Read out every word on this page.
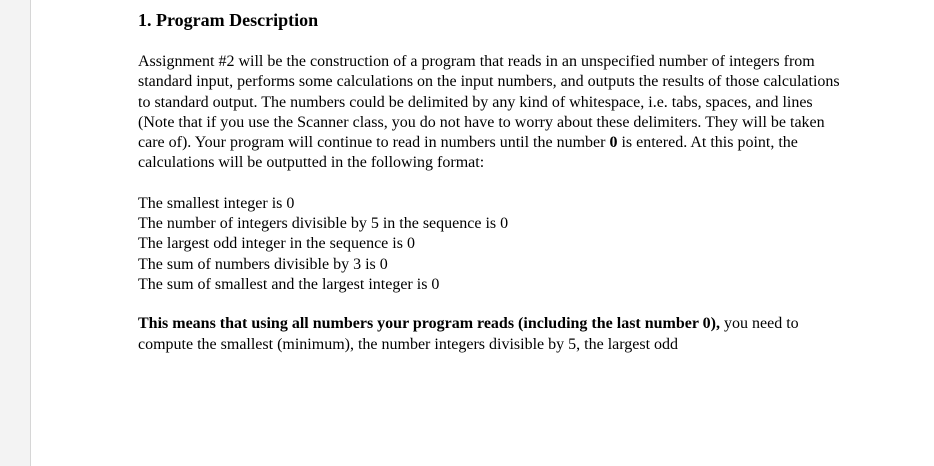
1. Program Description

Assignment #2 will be the construction of a program that reads in an unspecified number of integers from standard input, performs some calculations on the input numbers, and outputs the results of those calculations to standard output. The numbers could be delimited by any kind of whitespace, i.e. tabs, spaces, and lines (Note that if you use the Scanner class, you do not have to worry about these delimiters. They will be taken care of). Your program will continue to read in numbers until the number 0 is entered. At this point, the calculations will be outputted in the following format:

The smallest integer is 0
The number of integers divisible by 5 in the sequence is 0
The largest odd integer in the sequence is 0
The sum of numbers divisible by 3 is 0
The sum of smallest and the largest integer is 0

This means that using all numbers your program reads (including the last number 0), you need to compute the smallest (minimum), the number integers divisible by 5, the largest odd
